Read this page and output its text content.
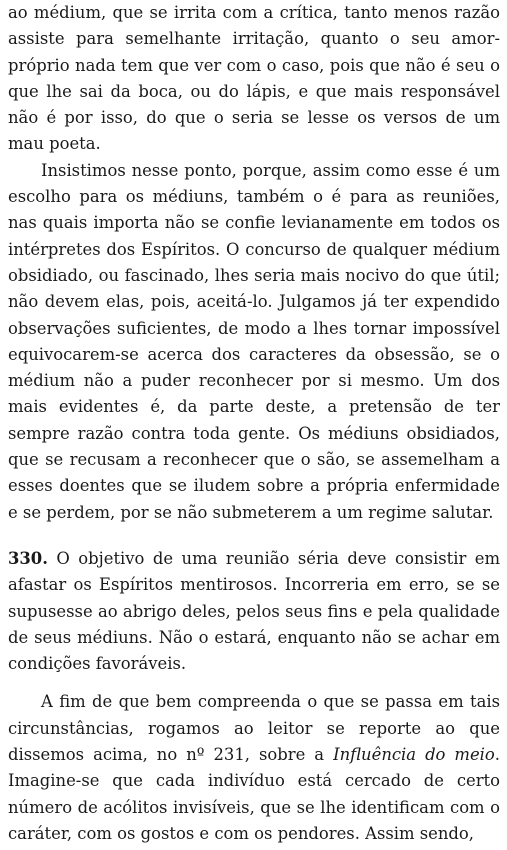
ao médium, que se irrita com a crítica, tanto menos razão assiste para semelhante irritação, quanto o seu amor-próprio nada tem que ver com o caso, pois que não é seu o que lhe sai da boca, ou do lápis, e que mais responsável não é por isso, do que o seria se lesse os versos de um mau poeta.

Insistimos nesse ponto, porque, assim como esse é um escolho para os médiuns, também o é para as reuniões, nas quais importa não se confie levianamente em todos os intérpretes dos Espíritos. O concurso de qualquer médium obsidiado, ou fascinado, lhes seria mais nocivo do que útil; não devem elas, pois, aceitá-lo. Julgamos já ter expendido observações suficientes, de modo a lhes tornar impossível equivocarem-se acerca dos caracteres da obsessão, se o médium não a puder reconhecer por si mesmo. Um dos mais evidentes é, da parte deste, a pretensão de ter sempre razão contra toda gente. Os médiuns obsidiados, que se recusam a reconhecer que o são, se assemelham a esses doentes que se iludem sobre a própria enfermidade e se perdem, por se não submeterem a um regime salutar.

330. O objetivo de uma reunião séria deve consistir em afastar os Espíritos mentirosos. Incorreria em erro, se se supusesse ao abrigo deles, pelos seus fins e pela qualidade de seus médiuns. Não o estará, enquanto não se achar em condições favoráveis.

A fim de que bem compreenda o que se passa em tais circunstâncias, rogamos ao leitor se reporte ao que dissemos acima, no nº 231, sobre a Influência do meio. Imagine-se que cada indivíduo está cercado de certo número de acólitos invisíveis, que se lhe identificam com o caráter, com os gostos e com os pendores. Assim sendo,
